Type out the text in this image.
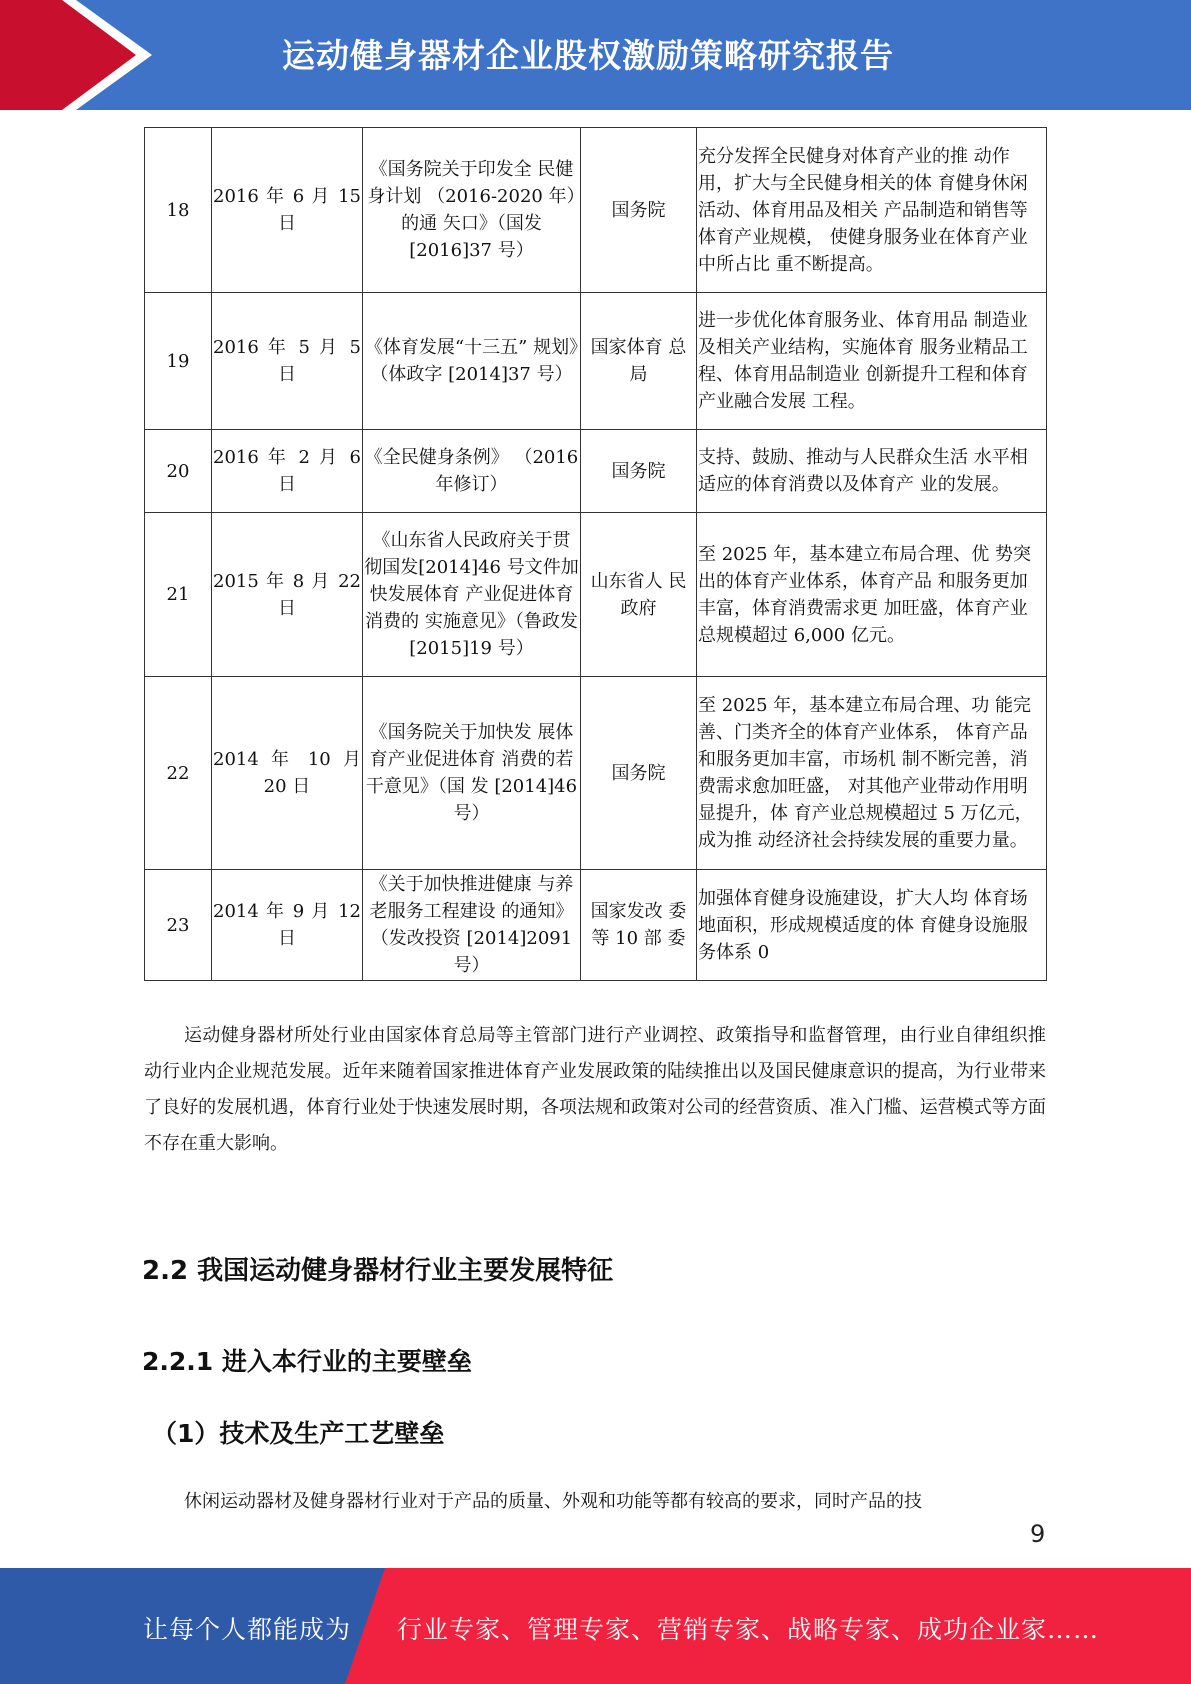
运动健身器材企业股权激励策略研究报告
18	2016 年 6 月 15 日	《国务院关于印发全 民健身计划 （2016-2020 年）的通 矢口》（国发 [2016]37 号）	国务院	充分发挥全民健身对体育产业的推 动作用，扩大与全民健身相关的体 育健身休闲活动、体育用品及相关 产品制造和销售等体育产业规模， 使健身服务业在体育产业中所占比 重不断提高。
19	2016 年 5 月 5 日	《体育发展“十三五” 规划》（体政字 [2014]37 号）	国家体育 总局	进一步优化体育服务业、体育用品 制造业及相关产业结构，实施体育 服务业精品工程、体育用品制造业 创新提升工程和体育产业融合发展 工程。
20	2016 年 2 月 6 日	《全民健身条例》 （2016 年修订）	国务院	支持、鼓励、推动与人民群众生活 水平相适应的体育消费以及体育产 业的发展。
21	2015 年 8 月 22 日	《山东省人民政府关于贯彻国发[2014]46 号文件加快发展体育 产业促进体育消费的 实施意见》（鲁政发 [2015]19 号）	山东省人 民政府	至 2025 年，基本建立布局合理、优 势突出的体育产业体系，体育产品 和服务更加丰富，体育消费需求更 加旺盛，体育产业总规模超过 6,000 亿元。
22	2014 年 10 月 20 日	《国务院关于加快发 展体育产业促进体育 消费的若干意见》（国 发 [2014]46 号）	国务院	至 2025 年，基本建立布局合理、功 能完善、门类齐全的体育产业体系， 体育产品和服务更加丰富，市场机 制不断完善，消费需求愈加旺盛， 对其他产业带动作用明显提升，体 育产业总规模超过 5 万亿元，成为推 动经济社会持续发展的重要力量。
23	2014 年 9 月 12 日	《关于加快推进健康 与养老服务工程建设 的通知》（发改投资 [2014]2091 号）	国家发改 委等 10 部 委	加强体育健身设施建设，扩大人均 体育场地面积，形成规模适度的体 育健身设施服务体系 0

运动健身器材所处行业由国家体育总局等主管部门进行产业调控、政策指导和监督管理，由行业自律组织推动行业内企业规范发展。近年来随着国家推进体育产业发展政策的陆续推出以及国民健康意识的提高，为行业带来了良好的发展机遇，体育行业处于快速发展时期，各项法规和政策对公司的经营资质、准入门槛、运营模式等方面不存在重大影响。

2.2 我国运动健身器材行业主要发展特征
2.2.1 进入本行业的主要壁垒
（1）技术及生产工艺壁垒

休闲运动器材及健身器材行业对于产品的质量、外观和功能等都有较高的要求，同时产品的技

9
让每个人都能成为 行业专家、管理专家、营销专家、战略专家、成功企业家……
